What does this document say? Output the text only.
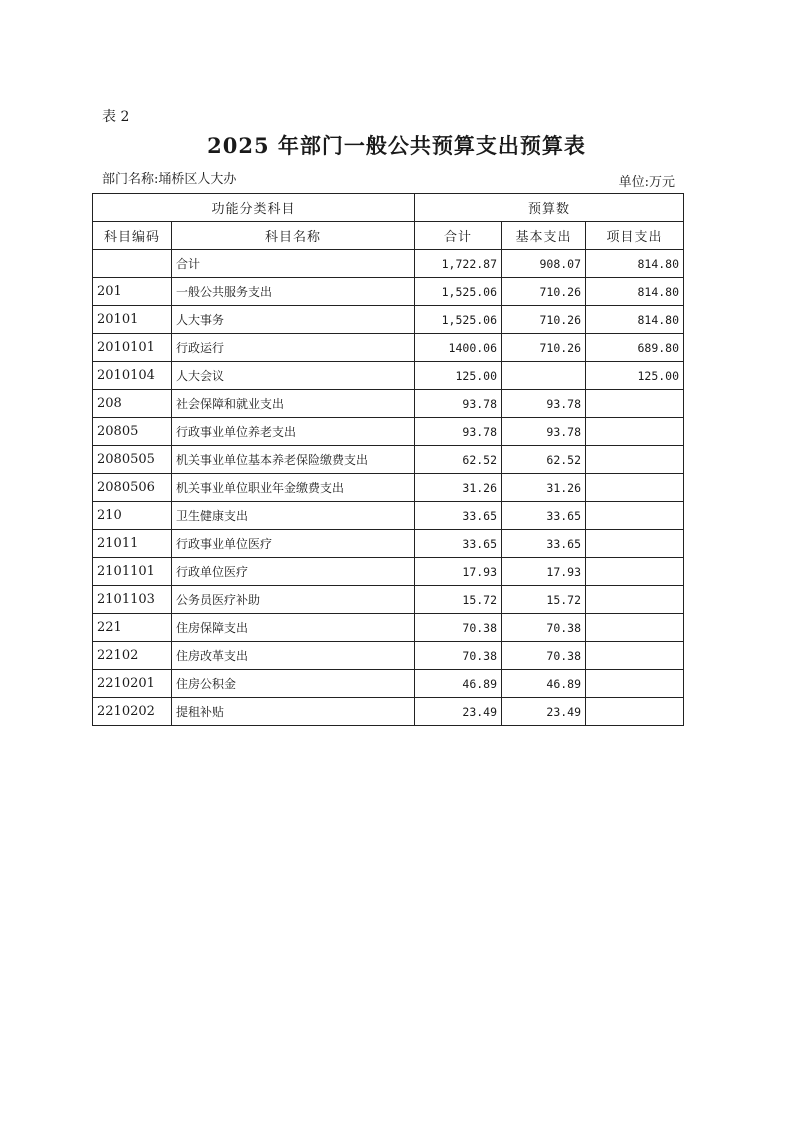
表 2
2025 年部门一般公共预算支出预算表
部门名称:埇桥区人大办	单位:万元
功能分类科目		预算数		
科目编码	科目名称	合计	基本支出	项目支出
	合计	1,722.87	908.07	814.80
201	一般公共服务支出	1,525.06	710.26	814.80
20101	人大事务	1,525.06	710.26	814.80
2010101	行政运行	1400.06	710.26	689.80
2010104	人大会议	125.00		125.00
208	社会保障和就业支出	93.78	93.78	
20805	行政事业单位养老支出	93.78	93.78	
2080505	机关事业单位基本养老保险缴费支出	62.52	62.52	
2080506	机关事业单位职业年金缴费支出	31.26	31.26	
210	卫生健康支出	33.65	33.65	
21011	行政事业单位医疗	33.65	33.65	
2101101	行政单位医疗	17.93	17.93	
2101103	公务员医疗补助	15.72	15.72	
221	住房保障支出	70.38	70.38	
22102	住房改革支出	70.38	70.38	
2210201	住房公积金	46.89	46.89	
2210202	提租补贴	23.49	23.49	
